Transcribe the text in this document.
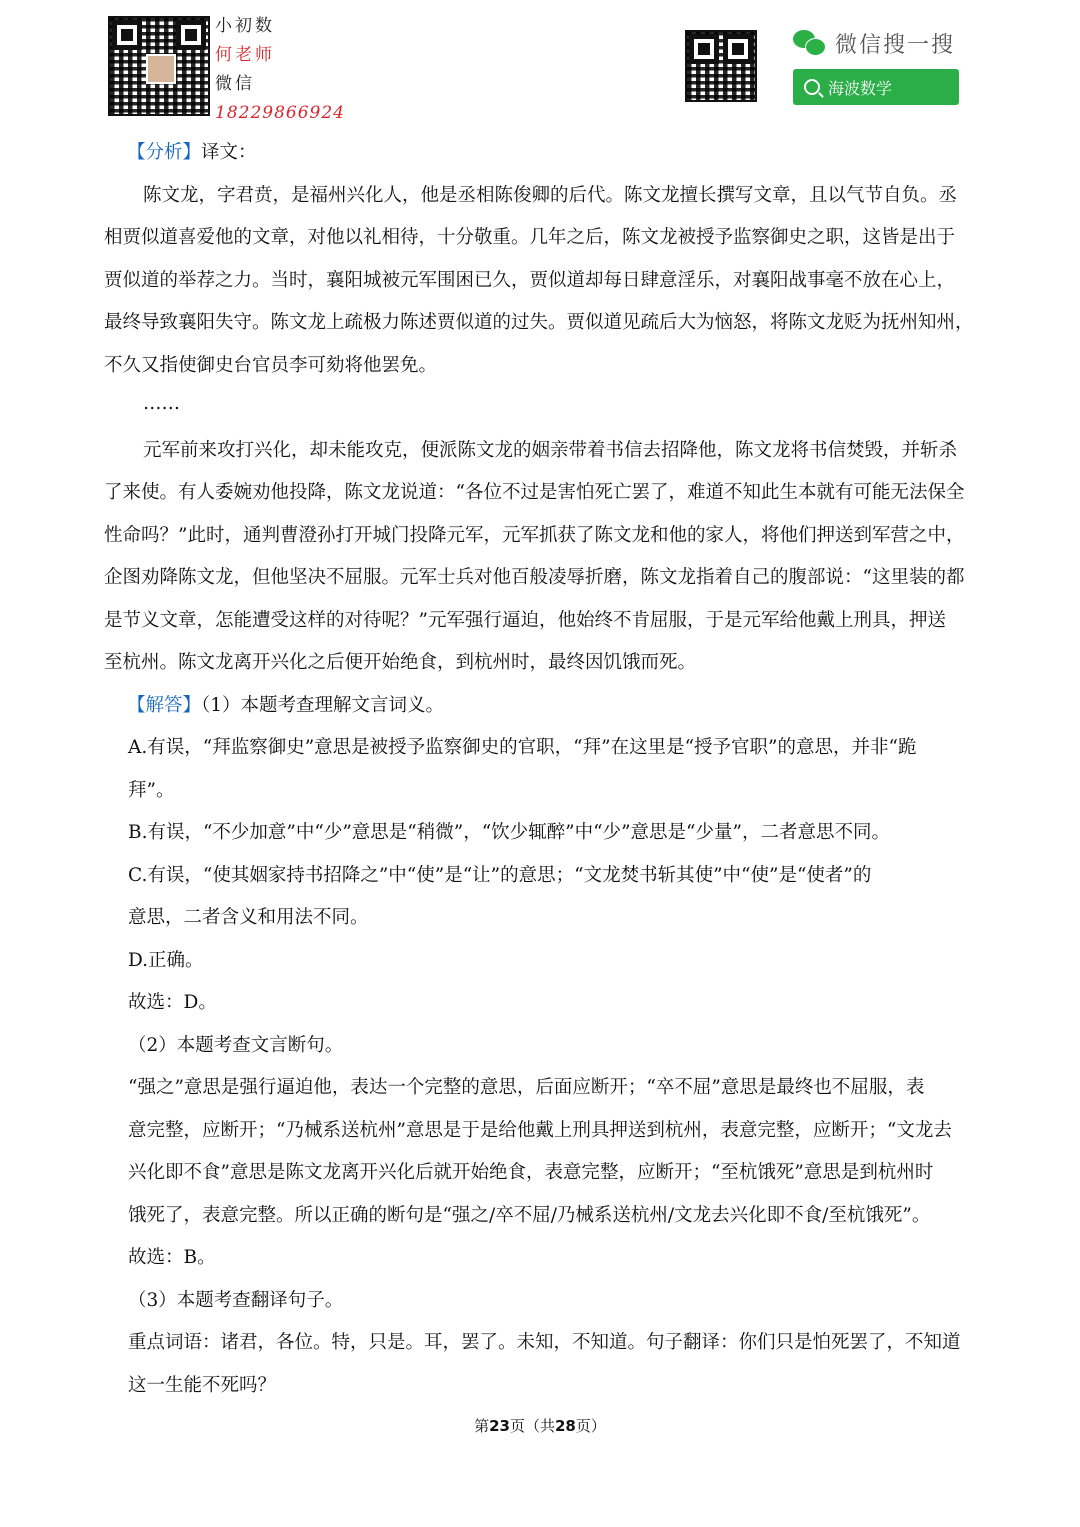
小初数
何老师
微信
18229866924
微信搜一搜
海波数学
【分析】译文：
陈文龙，字君贲，是福州兴化人，他是丞相陈俊卿的后代。陈文龙擅长撰写文章，且以气节自负。丞
相贾似道喜爱他的文章，对他以礼相待，十分敬重。几年之后，陈文龙被授予监察御史之职，这皆是出于
贾似道的举荐之力。当时，襄阳城被元军围困已久，贾似道却每日肆意淫乐，对襄阳战事毫不放在心上，
最终导致襄阳失守。陈文龙上疏极力陈述贾似道的过失。贾似道见疏后大为恼怒，将陈文龙贬为抚州知州，
不久又指使御史台官员李可劾将他罢免。
……
元军前来攻打兴化，却未能攻克，便派陈文龙的姻亲带着书信去招降他，陈文龙将书信焚毁，并斩杀
了来使。有人委婉劝他投降，陈文龙说道：“各位不过是害怕死亡罢了，难道不知此生本就有可能无法保全
性命吗？”此时，通判曹澄孙打开城门投降元军，元军抓获了陈文龙和他的家人，将他们押送到军营之中，
企图劝降陈文龙，但他坚决不屈服。元军士兵对他百般凌辱折磨，陈文龙指着自己的腹部说：“这里装的都
是节义文章，怎能遭受这样的对待呢？”元军强行逼迫，他始终不肯屈服，于是元军给他戴上刑具，押送
至杭州。陈文龙离开兴化之后便开始绝食，到杭州时，最终因饥饿而死。
【解答】（1）本题考查理解文言词义。
A.有误，“拜监察御史”意思是被授予监察御史的官职，“拜”在这里是“授予官职”的意思，并非“跪
拜”。
B.有误，“不少加意”中“少”意思是“稍微”，“饮少辄醉”中“少”意思是“少量”，二者意思不同。
C.有误，“使其姻家持书招降之”中“使”是“让”的意思；“文龙焚书斩其使”中“使”是“使者”的
意思，二者含义和用法不同。
D.正确。
故选：D。
（2）本题考查文言断句。
“强之”意思是强行逼迫他，表达一个完整的意思，后面应断开；“卒不屈”意思是最终也不屈服，表
意完整，应断开；“乃械系送杭州”意思是于是给他戴上刑具押送到杭州，表意完整，应断开；“文龙去
兴化即不食”意思是陈文龙离开兴化后就开始绝食，表意完整，应断开；“至杭饿死”意思是到杭州时
饿死了，表意完整。所以正确的断句是“强之/卒不屈/乃械系送杭州/文龙去兴化即不食/至杭饿死”。
故选：B。
（3）本题考查翻译句子。
重点词语：诸君，各位。特，只是。耳，罢了。未知，不知道。句子翻译：你们只是怕死罢了，不知道
这一生能不死吗？
第23页（共28页）
